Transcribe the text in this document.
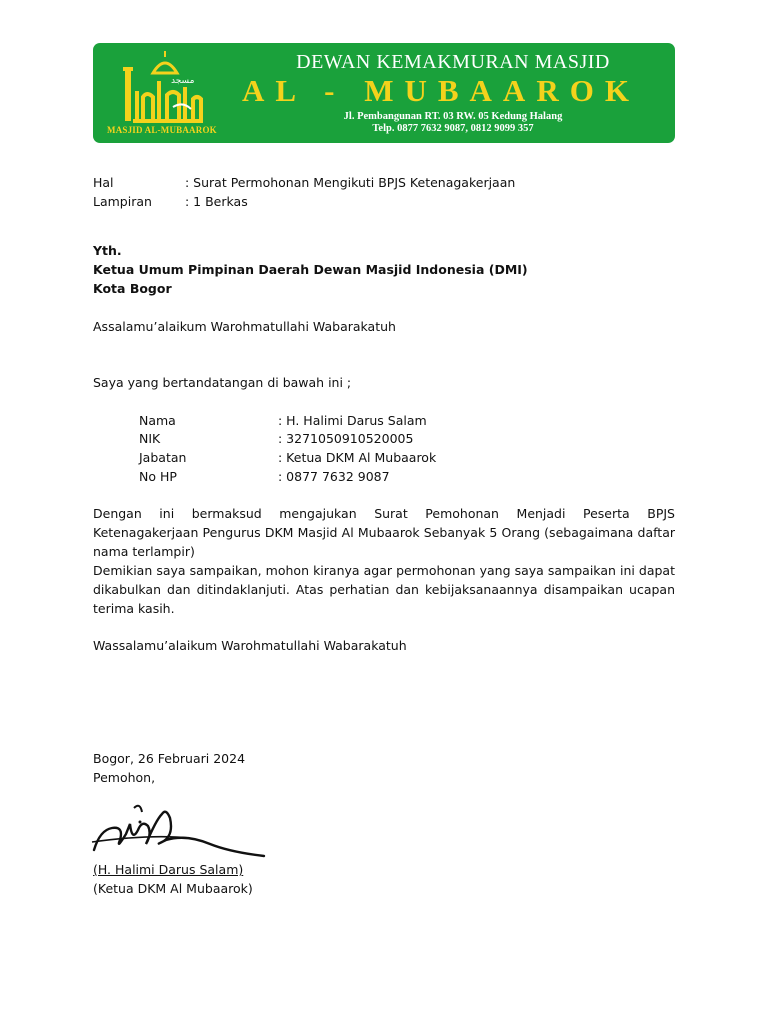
مسجد
MASJID AL-MUBAAROK
DEWAN KEMAKMURAN MASJID
AL - MUBAAROK
Jl. Pembangunan RT. 03 RW. 05 Kedung Halang
Telp. 0877 7632 9087, 0812 9099 357
Hal	: Surat Permohonan Mengikuti BPJS Ketenagakerjaan
Lampiran	: 1 Berkas
Yth.
Ketua Umum Pimpinan Daerah Dewan Masjid Indonesia (DMI)
Kota Bogor
Assalamu’alaikum Warohmatullahi Wabarakatuh
Saya yang bertandatangan di bawah ini ;
Nama	: H. Halimi Darus Salam
NIK	: 3271050910520005
Jabatan	: Ketua DKM Al Mubaarok
No HP	: 0877 7632 9087
Dengan ini bermaksud mengajukan Surat Pemohonan Menjadi Peserta BPJS Ketenagakerjaan Pengurus DKM Masjid Al Mubaarok Sebanyak 5 Orang (sebagaimana daftar nama terlampir)
Demikian saya sampaikan, mohon kiranya agar permohonan yang saya sampaikan ini dapat dikabulkan dan ditindaklanjuti. Atas perhatian dan kebijaksanaannya disampaikan ucapan terima kasih.
Wassalamu’alaikum Warohmatullahi Wabarakatuh
Bogor, 26 Februari 2024
Pemohon,
(H. Halimi Darus Salam)
(Ketua DKM Al Mubaarok)
